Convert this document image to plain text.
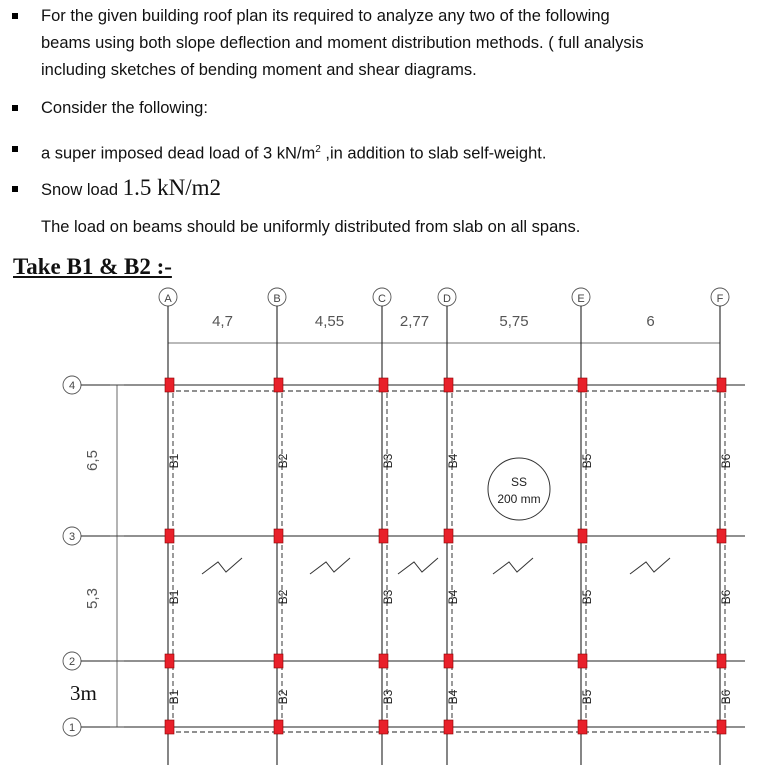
For the given building roof plan its required to analyze any two of the following
beams using both slope deflection and moment distribution methods. ( full analysis
including sketches of bending moment and shear diagrams.
Consider the following:
a super imposed dead load of 3 $kN/m^2$ ,in addition to slab self-weight.
Snow load 1.5 kN/m2
The load on beams should be uniformly distributed from slab on all spans.
Take B1 & B2 :-
4,7	4,55	2,77	5,75	6
A	B	C	D	E	F
4
3
2
1
6,5
5,3
3m
B1
B1
B1
B2
B2
B2
B3
B3
B3
B4
B4
B4
B5
B5
B5
B6
B6
B6
SS
200 mm
